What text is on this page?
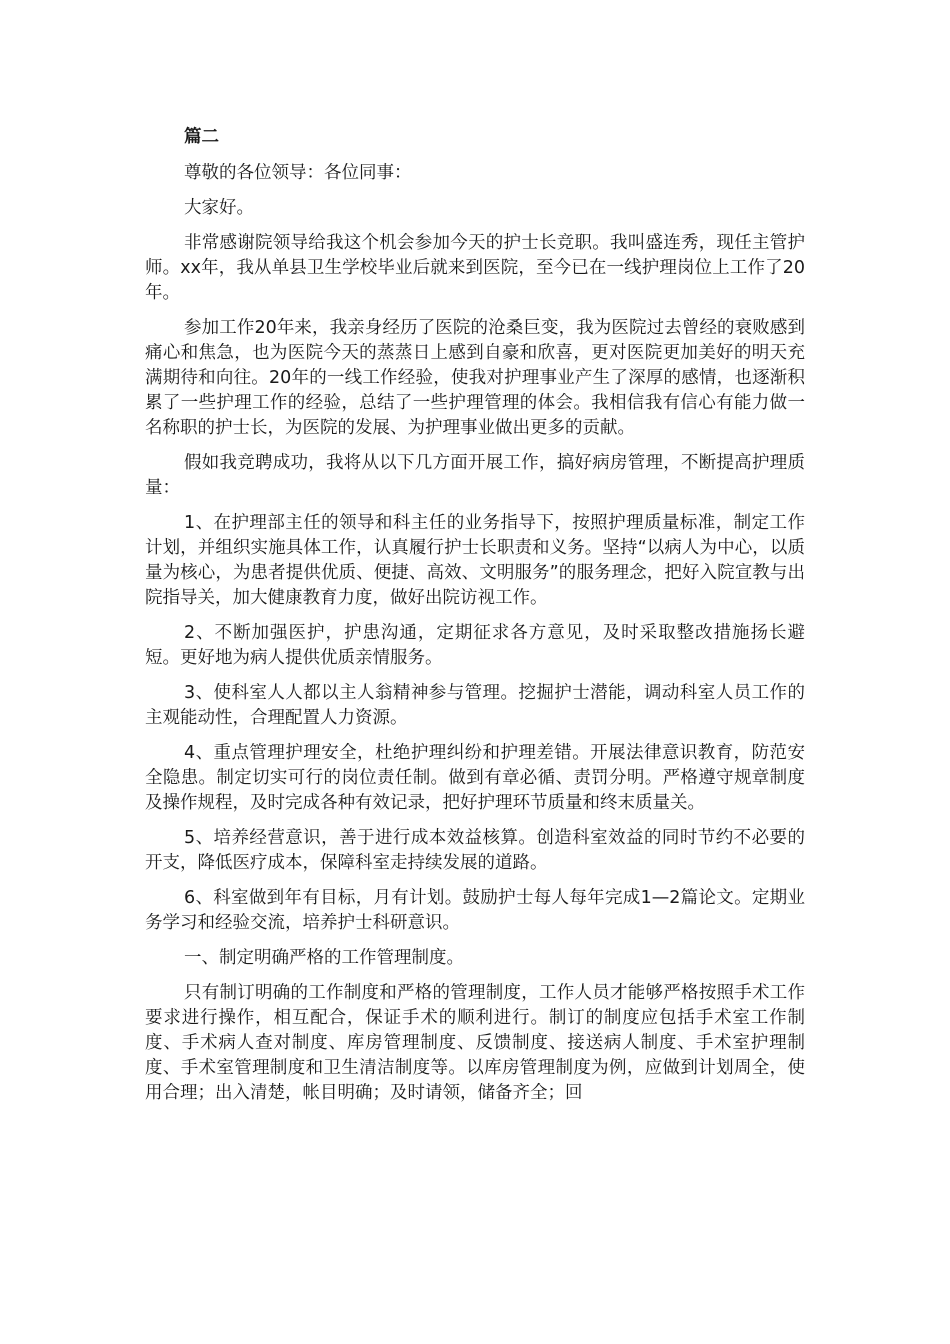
篇二

尊敬的各位领导：各位同事：

大家好。

非常感谢院领导给我这个机会参加今天的护士长竞职。我叫盛连秀，现任主管护师。xx年，我从单县卫生学校毕业后就来到医院，至今已在一线护理岗位上工作了20年。

参加工作20年来，我亲身经历了医院的沧桑巨变，我为医院过去曾经的衰败感到痛心和焦急，也为医院今天的蒸蒸日上感到自豪和欣喜，更对医院更加美好的明天充满期待和向往。20年的一线工作经验，使我对护理事业产生了深厚的感情，也逐渐积累了一些护理工作的经验，总结了一些护理管理的体会。我相信我有信心有能力做一名称职的护士长，为医院的发展、为护理事业做出更多的贡献。

假如我竞聘成功，我将从以下几方面开展工作，搞好病房管理，不断提高护理质量：

1、在护理部主任的领导和科主任的业务指导下，按照护理质量标准，制定工作计划，并组织实施具体工作，认真履行护士长职责和义务。坚持“以病人为中心，以质量为核心，为患者提供优质、便捷、高效、文明服务”的服务理念，把好入院宣教与出院指导关，加大健康教育力度，做好出院访视工作。

2、不断加强医护，护患沟通，定期征求各方意见，及时采取整改措施扬长避短。更好地为病人提供优质亲情服务。

3、使科室人人都以主人翁精神参与管理。挖掘护士潜能，调动科室人员工作的主观能动性，合理配置人力资源。

4、重点管理护理安全，杜绝护理纠纷和护理差错。开展法律意识教育，防范安全隐患。制定切实可行的岗位责任制。做到有章必循、责罚分明。严格遵守规章制度及操作规程，及时完成各种有效记录，把好护理环节质量和终末质量关。

5、培养经营意识，善于进行成本效益核算。创造科室效益的同时节约不必要的开支，降低医疗成本，保障科室走持续发展的道路。

6、科室做到年有目标，月有计划。鼓励护士每人每年完成1—2篇论文。定期业务学习和经验交流，培养护士科研意识。

一、制定明确严格的工作管理制度。

只有制订明确的工作制度和严格的管理制度，工作人员才能够严格按照手术工作要求进行操作，相互配合，保证手术的顺利进行。制订的制度应包括手术室工作制度、手术病人查对制度、库房管理制度、反馈制度、接送病人制度、手术室护理制度、手术室管理制度和卫生清洁制度等。以库房管理制度为例，应做到计划周全，使用合理；出入清楚，帐目明确；及时请领，储备齐全；回
